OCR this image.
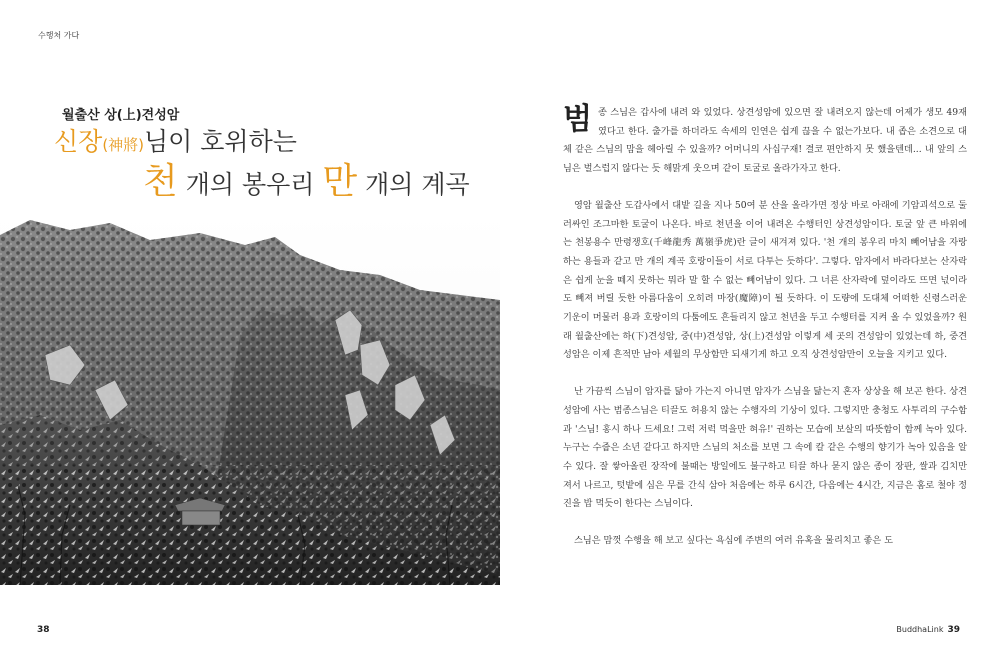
수행처 가다
월출산 상(上)견성암
신장(神將)님이 호위하는
천 개의 봉우리 만 개의 계곡

범종 스님은 갑사에 내려 와 있었다. 상견성암에 있으면 잘 내려오지 않는데 어제가 생모 49재였다고 한다. 출가를 하더라도 속세의 인연은 쉽게 끊을 수 없는가보다. 내 좁은 소견으로 대체 같은 스님의 맘을 헤아릴 수 있을까? 어머니의 사십구재! 결코 편안하지 못 했을텐데... 내 앞의 스님은 벌스럽지 않다는 듯 해맑게 웃으며 같이 토굴로 올라가자고 한다.

영암 월출산 도갑사에서 대밭 길을 지나 50여 분 산을 올라가면 정상 바로 아래에 기암괴석으로 둘러싸인 조그마한 토굴이 나온다. 바로 천년을 이어 내려온 수행터인 상견성암이다. 토굴 앞 큰 바위에는 천봉용수 만령쟁호(千峰龍秀 萬嶺爭虎)란 글이 새겨져 있다. '천 개의 봉우리 마치 빼어남을 자랑하는 용들과 같고 만 개의 계곡 호랑이들이 서로 다투는 듯하다'. 그렇다. 암자에서 바라다보는 산자락은 쉽게 눈을 떼지 못하는 뭐라 말 할 수 없는 빼어남이 있다. 그 너른 산자락에 덮이라도 뜨면 넋이라도 빼져 버릴 듯한 아름다움이 오히려 마장(魔障)이 될 듯하다. 이 도량에 도대체 어떠한 신령스러운 기운이 머물러 용과 호랑이의 다툼에도 흔들리지 않고 천년을 두고 수행터를 지켜 올 수 있었을까? 원래 월출산에는 하(下)견성암, 중(中)견성암, 상(上)견성암 이렇게 세 곳의 견성암이 있었는데 하, 중견성암은 이제 흔적만 남아 세월의 무상함만 되새기게 하고 오직 상견성암만이 오늘을 지키고 있다.

난 가끔씩 스님이 암자를 닮아 가는지 아니면 암자가 스님을 닮는지 혼자 상상을 해 보곤 한다. 상견성암에 사는 범종스님은 티끌도 허용치 않는 수행자의 기상이 있다. 그렇지만 충청도 사투리의 구수함과 '스님! 홍시 하나 드세요! 그럭 저럭 먹을만 혀유!' 권하는 모습에 보살의 따뜻함이 함께 녹아 있다. 누구는 수줍은 소년 같다고 하지만 스님의 처소를 보면 그 속에 칼 같은 수행의 향기가 녹아 있음을 알 수 있다. 잘 쌓아올린 장작에 불때는 방일에도 불구하고 티끌 하나 묻지 않은 종이 장판, 쌀과 김치만 져서 나르고, 텃밭에 심은 무를 간식 삼아 처음에는 하루 6시간, 다음에는 4시간, 지금은 홈로 철야 정진을 밥 먹듯이 한다는 스님이다.

스님은 맘껏 수행을 해 보고 싶다는 욕심에 주변의 여러 유혹을 물리치고 좋은 도

38	BuddhaLink 39
